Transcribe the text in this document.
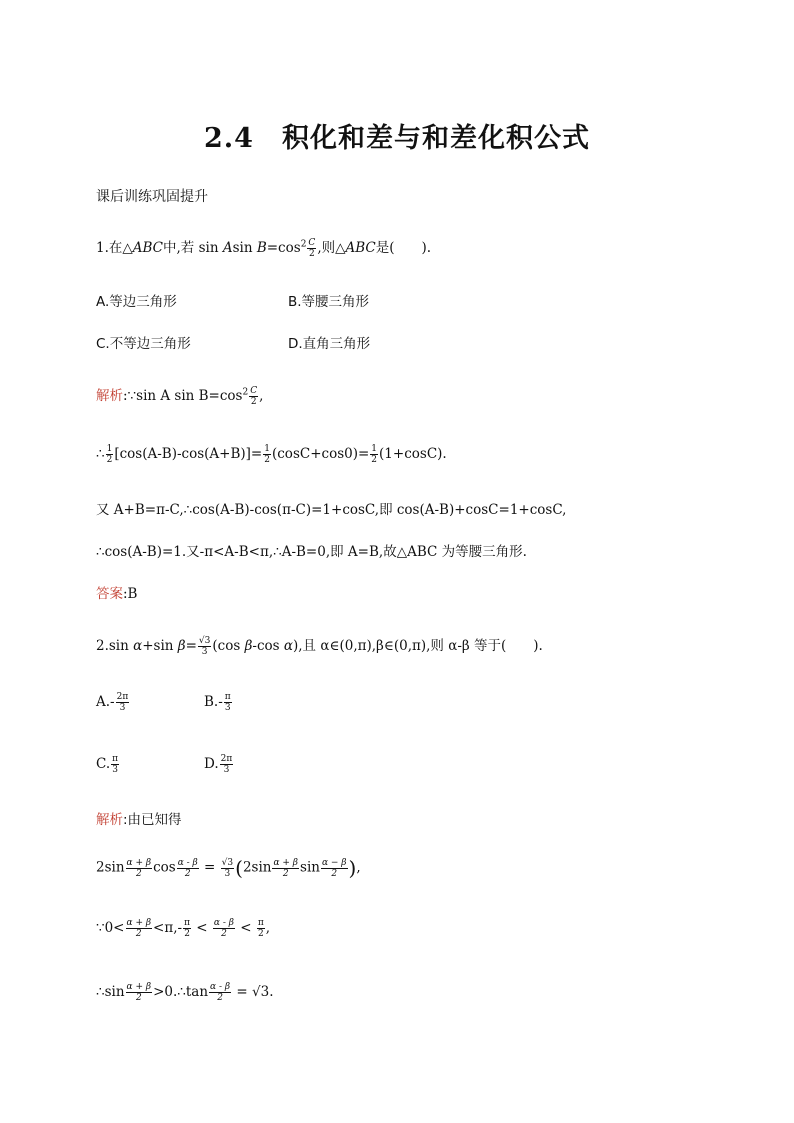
2.4　积化和差与和差化积公式
课后训练巩固提升
1.在△ABC中,若 sin Asin $B=\cos^2 \frac{C}{2}$ ,则△ABC是(　　).
A.等边三角形	B.等腰三角形
C.不等边三角形	D.直角三角形
解析:∵sin A $\sin B=\cos^2 \frac{C}{2}$ ,
∴ $\frac{1}{2} [\cos(A-B)-\cos(A+B)]= \frac{1}{2} (\cos C+\cos 0)= \frac{1}{2} (1+\cos C)$.
又 A+B=π-C,∴cos(A-B)-cos(π-C)=1+cosC,即 cos(A-B)+cosC=1+cosC,
∴cos(A-B)=1.又-π<A-B<π,∴A-B=0,即 A=B,故△ABC 为等腰三角形.
答案:B
2.sin α+sin $\beta= \frac{√3}{3} (\cos$ β-cos α),且 α∈(0,π),β∈(0,π),则 α-β 等于(　　).
$A.- \frac{2\pi}{3}$	$B.- \frac{\pi}{3}$
C. $\frac{\pi}{3}$	D. $\frac{2\pi}{3}$
解析:由已知得
$2\sin \frac{\alpha + \beta}{2}$ $\cos \frac{\alpha - \beta}{2} = \frac{√3}{3} (2\sin \frac{\alpha + \beta}{2}$ $\sin \frac{\alpha - \beta}{2}$ ),
∵0< $\frac{\alpha + \beta}{2} <\pi,- \frac{\pi}{2} < \frac{\alpha - \beta}{2} < \frac{\pi}{2}$ ,
∴sin $\frac{\alpha + \beta}{2}$ >0.∴tan $\frac{\alpha - \beta}{2} = √3$.
